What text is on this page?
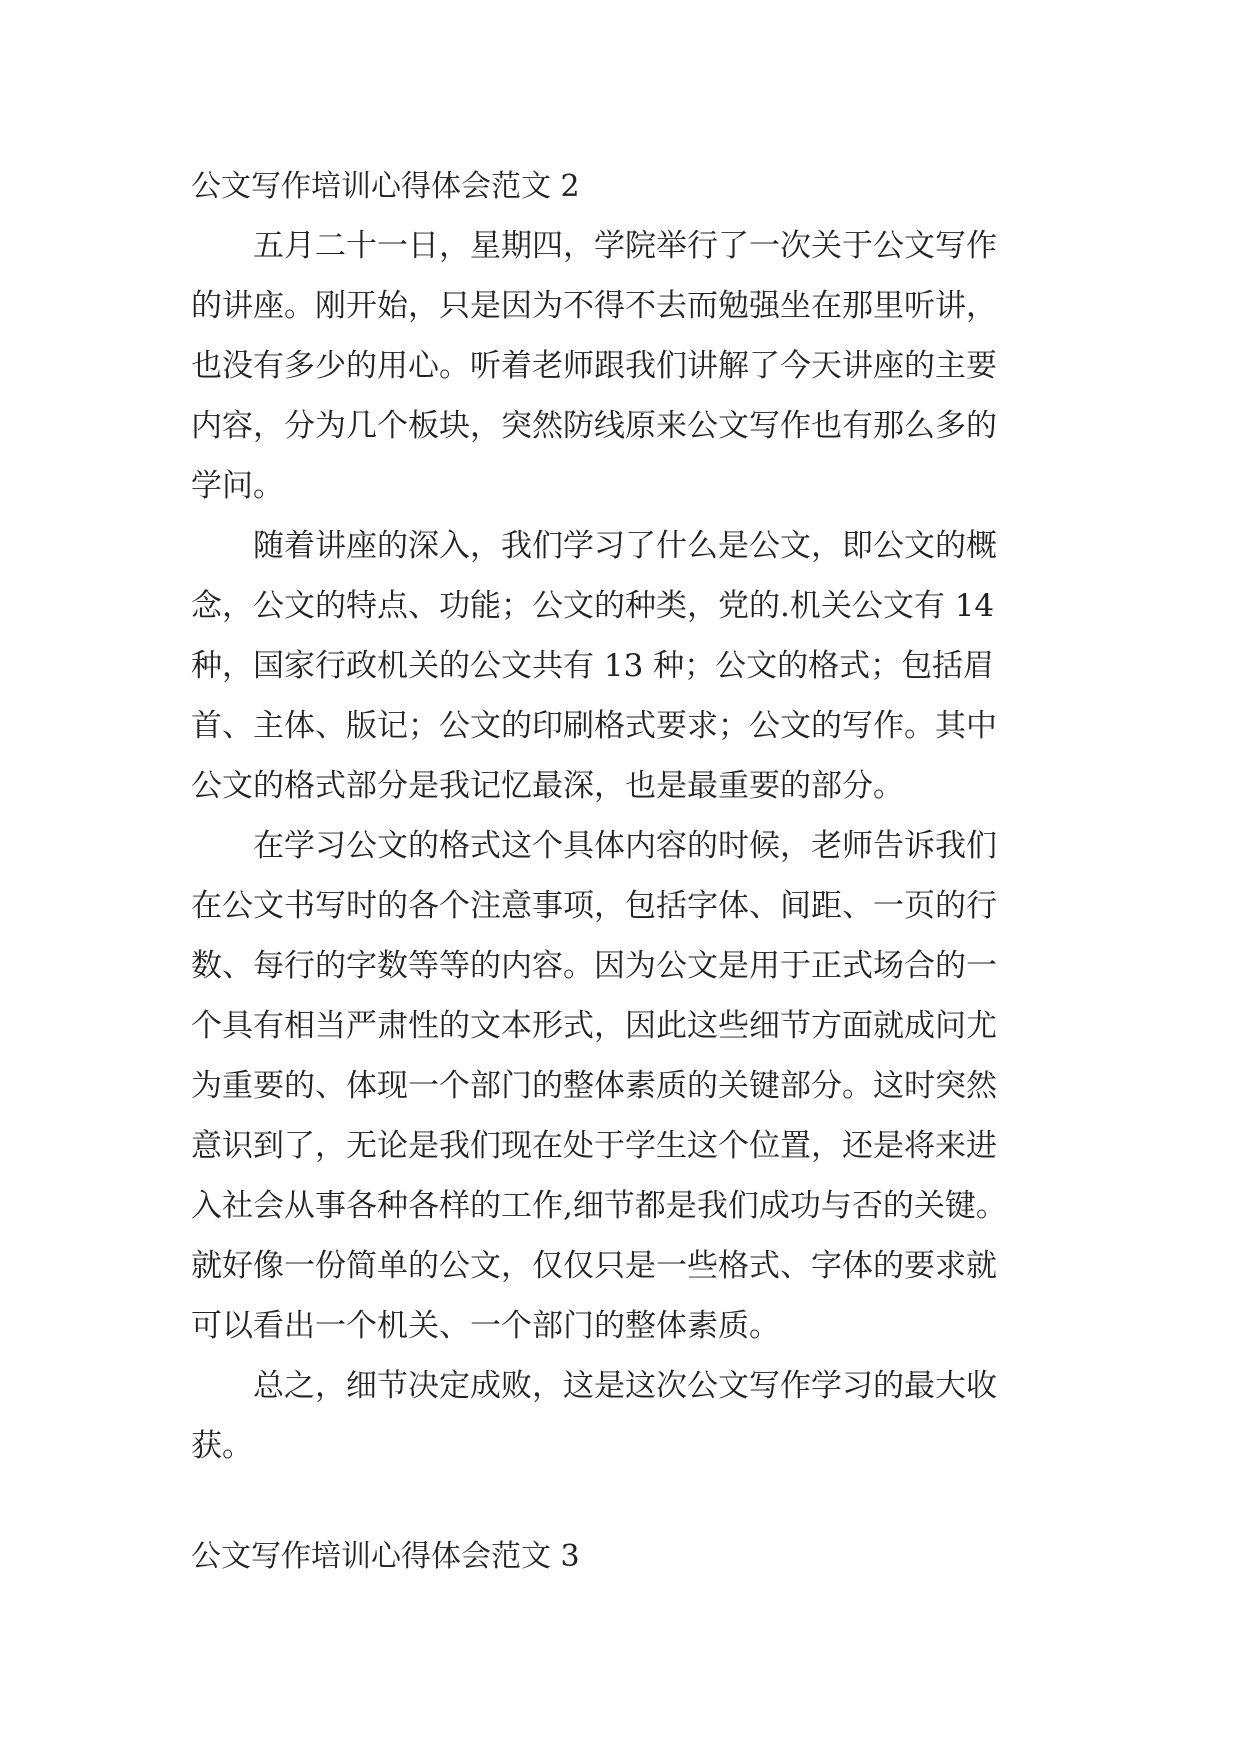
公文写作培训心得体会范文 2
五月二十一日，星期四，学院举行了一次关于公文写作
的讲座。刚开始，只是因为不得不去而勉强坐在那里听讲，
也没有多少的用心。听着老师跟我们讲解了今天讲座的主要
内容，分为几个板块，突然防线原来公文写作也有那么多的
学问。
随着讲座的深入，我们学习了什么是公文，即公文的概
念，公文的特点、功能；公文的种类，党的.机关公文有 14
种，国家行政机关的公文共有 13 种；公文的格式；包括眉
首、主体、版记；公文的印刷格式要求；公文的写作。其中
公文的格式部分是我记忆最深，也是最重要的部分。
在学习公文的格式这个具体内容的时候，老师告诉我们
在公文书写时的各个注意事项，包括字体、间距、一页的行
数、每行的字数等等的内容。因为公文是用于正式场合的一
个具有相当严肃性的文本形式，因此这些细节方面就成问尤
为重要的、体现一个部门的整体素质的关键部分。这时突然
意识到了，无论是我们现在处于学生这个位置，还是将来进
入社会从事各种各样的工作,细节都是我们成功与否的关键。
就好像一份简单的公文，仅仅只是一些格式、字体的要求就
可以看出一个机关、一个部门的整体素质。
总之，细节决定成败，这是这次公文写作学习的最大收
获。
公文写作培训心得体会范文 3
